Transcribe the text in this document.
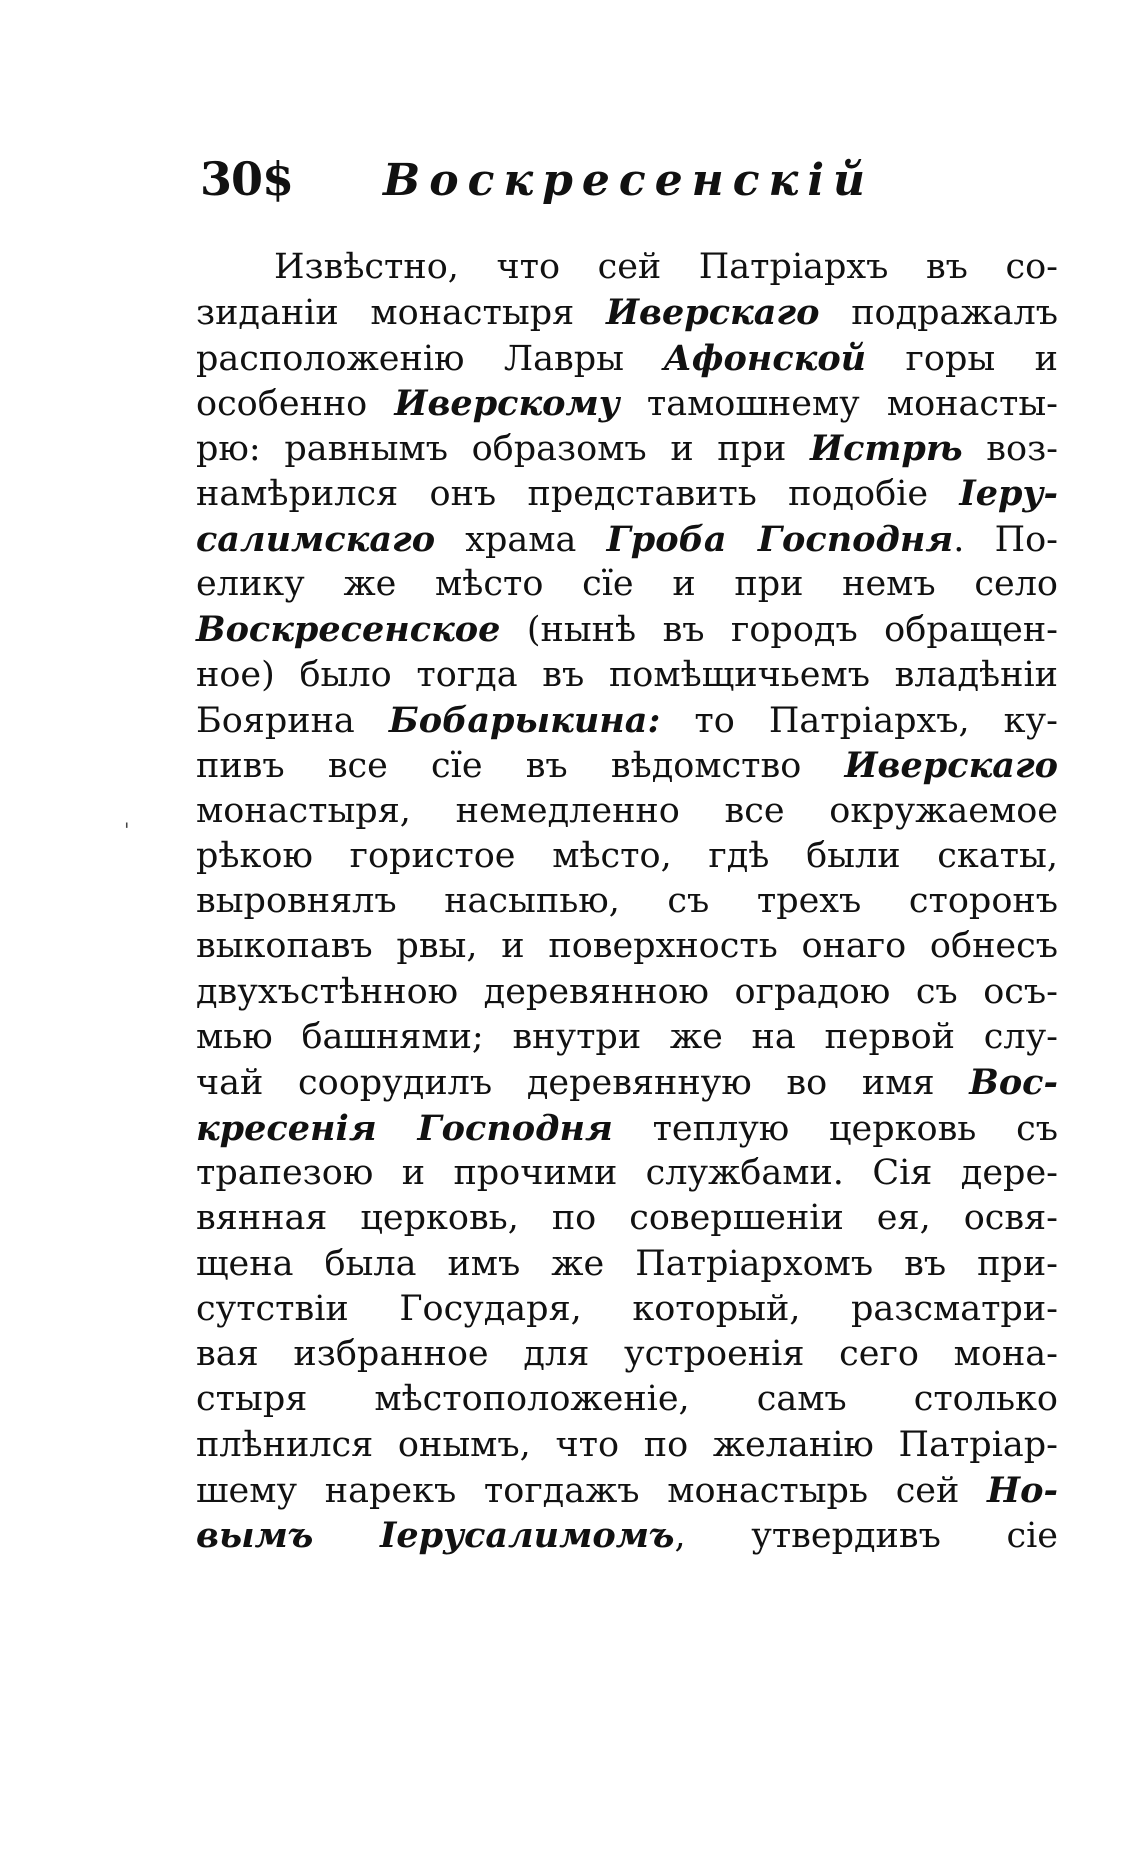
30$ Воскресенскій
'
Извѣстно, что сей Патріархъ въ со-
зиданіи монастыря Иверскаго подражалъ
расположенію Лавры Афонской горы и
особенно Иверскому тамошнему монасты-
рю: равнымъ образомъ и при Истрѣ воз-
намѣрился онъ представить подобіе Іеру-
салимскаго храма Гроба Господня. По-
елику же мѣсто сїе и при немъ село
Воскресенское (нынѣ въ городъ обращен-
ное) было тогда въ помѣщичьемъ владѣніи
Боярина Бобарыкина: то Патріархъ, ку-
пивъ все сїе въ вѣдомство Иверскаго
монастыря, немедленно все окружаемое
рѣкою гористое мѣсто, гдѣ были скаты,
выровнялъ насыпью, съ трехъ сторонъ
выкопавъ рвы, и поверхность онаго обнесъ
двухъстѣнною деревянною оградою съ осъ-
мью башнями; внутри же на первой слу-
чай соорудилъ деревянную во имя Вос-
кресенія Господня теплую церковь съ
трапезою и прочими службами. Сія дере-
вянная церковь, по совершеніи ея, освя-
щена была имъ же Патріархомъ въ при-
сутствіи Государя, который, разсматри-
вая избранное для устроенія сего мона-
стыря мѣстоположеніе, самъ столько
плѣнился онымъ, что по желанію Патріар-
шему нарекъ тогдажъ монастырь сей Но-
вымъ Іерусалимомъ, утвердивъ сіе
